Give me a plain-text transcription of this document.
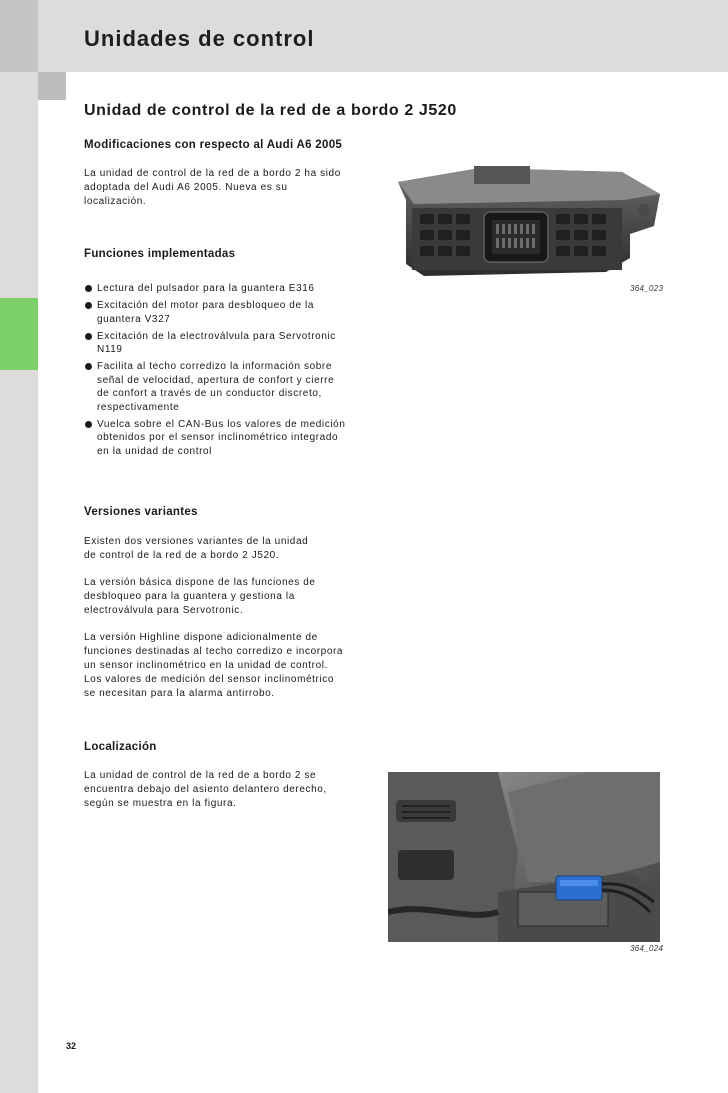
Unidades de control
Unidad de control de la red de a bordo 2 J520
Modificaciones con respecto al Audi A6 2005

La unidad de control de la red de a bordo 2 ha sido
adoptada del Audi A6 2005. Nueva es su
localización.

Funciones implementadas
Lectura del pulsador para la guantera E316
Excitación del motor para desbloqueo de la
guantera V327
Excitación de la electroválvula para Servotronic
N119
Facilita al techo corredizo la información sobre
señal de velocidad, apertura de confort y cierre
de confort a través de un conductor discreto,
respectivamente
Vuelca sobre el CAN-Bus los valores de medición
obtenidos por el sensor inclinométrico integrado
en la unidad de control
Versiones variantes

Existen dos versiones variantes de la unidad
de control de la red de a bordo 2 J520.

La versión básica dispone de las funciones de
desbloqueo para la guantera y gestiona la
electroválvula para Servotronic.

La versión Highline dispone adicionalmente de
funciones destinadas al techo corredizo e incorpora
un sensor inclinométrico en la unidad de control.
Los valores de medición del sensor inclinométrico
se necesitan para la alarma antirrobo.

Localización

La unidad de control de la red de a bordo 2 se
encuentra debajo del asiento delantero derecho,
según se muestra en la figura.

364_023
364_024
32
